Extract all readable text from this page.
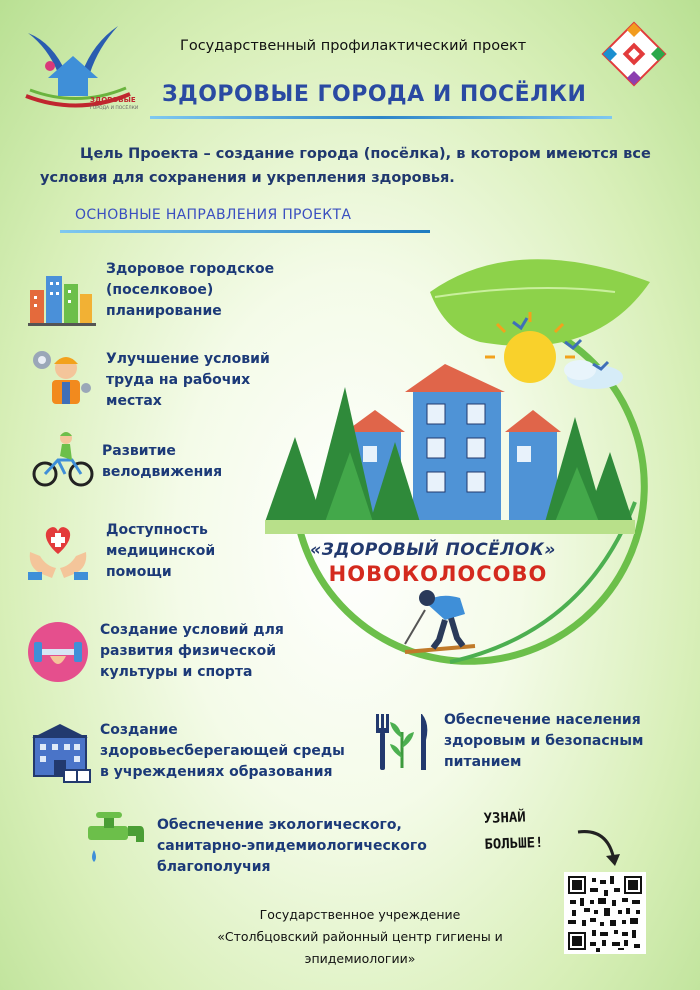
ЗДОРОВЫЕ
ГОРОДА И ПОСЁЛКИ
Государственный профилактический проект
ЗДОРОВЫЕ ГОРОДА И ПОСЁЛКИ
Цель Проекта – создание города (посёлка), в котором имеются все условия для сохранения и укрепления здоровья.
ОСНОВНЫЕ НАПРАВЛЕНИЯ ПРОЕКТА
Здоровое городское
(поселковое)
планирование
Улучшение условий
труда на рабочих
местах
Развитие
велодвижения
Доступность
медицинской
помощи
Создание условий для
развития физической
культуры и спорта
Создание
здоровьесберегающей среды
в учреждениях образования
Обеспечение населения
здоровым и безопасным
питанием
Обеспечение экологического,
санитарно-эпидемиологического
благополучия
«ЗДОРОВЫЙ ПОСЁЛОК»
НОВОКОЛОСОВО
УЗНАЙ
БОЛЬШЕ!
Государственное учреждение
«Столбцовский районный центр гигиены и
эпидемиологии»
